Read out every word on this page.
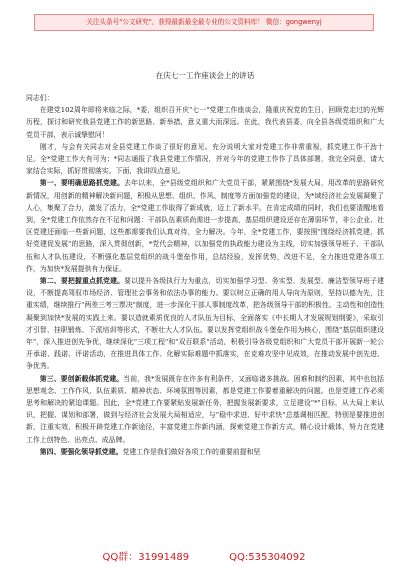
关注头条号"公文研究"，获得最新最全最专业的公文资料库！ 微信：gongwenyj
在庆七一工作座谈会上的讲话

同志们：

在建党102周年即将来临之际，*委，组织召开庆"七一"党建工作座谈会，隆重庆祝党的生日，回顾党走过的光辉历程，探讨和研究我县党建工作的新思路、新举措，意义重大而深远。在此，我代表县委，向全县各级党组织和广大党员干部，表示诚挚慰问！

刚才，与会有关同志对全县党建工作谈了很好的意见。充分说明大家对党建工作非常重视，抓党建工作干劲十足。全*党建工作大有可为；*同志通报了我县党建工作情况，并对今年的党建工作作了具体部署，我完全同意，请大家结合实际，抓好贯彻落实。下面，我讲四点意见。

第一、要明确思路抓党建。去年以来，全*县级党组织和广大党员干部，紧紧围绕*发展大局，用改革的思路研究新情况，用创新的精神解决新问题，积极从思想、组织、作风、制度等方面加强党的建设，为*域经济社会发展凝聚了人心，集聚了合力，激发了活力，全*党建工作取得了新成就，迈上了新水平。在肯定成绩的同时，我们也要清醒地看到，全*党建工作依然存在不足和问题：干部队伍素质尚需进一步提高，基层组织建设还存在薄弱环节，非公企业、社区党建还面临一些新问题，这些都需要我们认真对待，全力解决。今年，全*党建工作，要按照"围绕经济抓党建，抓好党建促发展"的思路，深入贯彻创新，*党代会精神，以加强党的执政能力建设为主线，切实加强领导班子、干部队伍和人才队伍建设，不断强化基层党组织的战斗堡垒作用，总结经验，发挥优势，改进不足，全力推进党建各项工作，为加快*发展提供有力保证。

第二、要把握重点抓党建。要以提升各级执行力为重点，切实加强学习型、务实型、发展型、廉洁型领导班子建设，不断提高驾驭市场经济、管理社会事务和依法办事的能力。要以树立正确的用人导向为原则，坚持以德为先，注重实绩，继续推行"两差三考三票决"制度，进一步深化干部人事制度改革，把各级领导干部的积极性、主动性和创造性凝聚到加快*发展的实践上来。要以造就素质优良的人才队伍为目标，全面落实《中长期人才发展规划纲要》，采取引才引智、挂职锻炼、下派培训等形式，不断壮大人才队伍。要以发挥党组织战斗堡垒作用为核心，围绕"基层组织建设年"，深入推进创先争优，继续深化"三项工程"和"双百联系"活动，积极引导各级党组织和广大党员干部开展新一轮公开承诺、践诺、评诺活动，在推进具体工作、化解实际难题中抓落实，在克难攻坚中见成效，在推动发展中创先进、争优秀。

第三、要创新载体抓党建。当前，我*发展既存在许多有利条件，又面临诸多挑战。困难和制约因素，其中也包括思想观念、工作作风、队伍素质、精神状态、环境氛围等因素，都是党建工作要着重解决的问题。也是党建工作必须思考和解决的紧迫课题。因此，全*党建工作要紧贴发展新任务，把握发展新要求，立足建设"*"目标，从大局上来认识，把握、谋划和部署，做到与经济社会发展大局相适应，与"稳中求进、好中求快"总基调相匹配，特别是要推进创新，注重实效，积极开辟党建工作新途径，丰富党建工作新内涵，探索党建工作新方式，精心设计载体，努力在党建工作上创特色、出亮点、成品牌。

第四、要强化领导抓党建。党建工作是我们做好各项工作的重要前提和坚

QQ群：31991489	QQ:535304092
